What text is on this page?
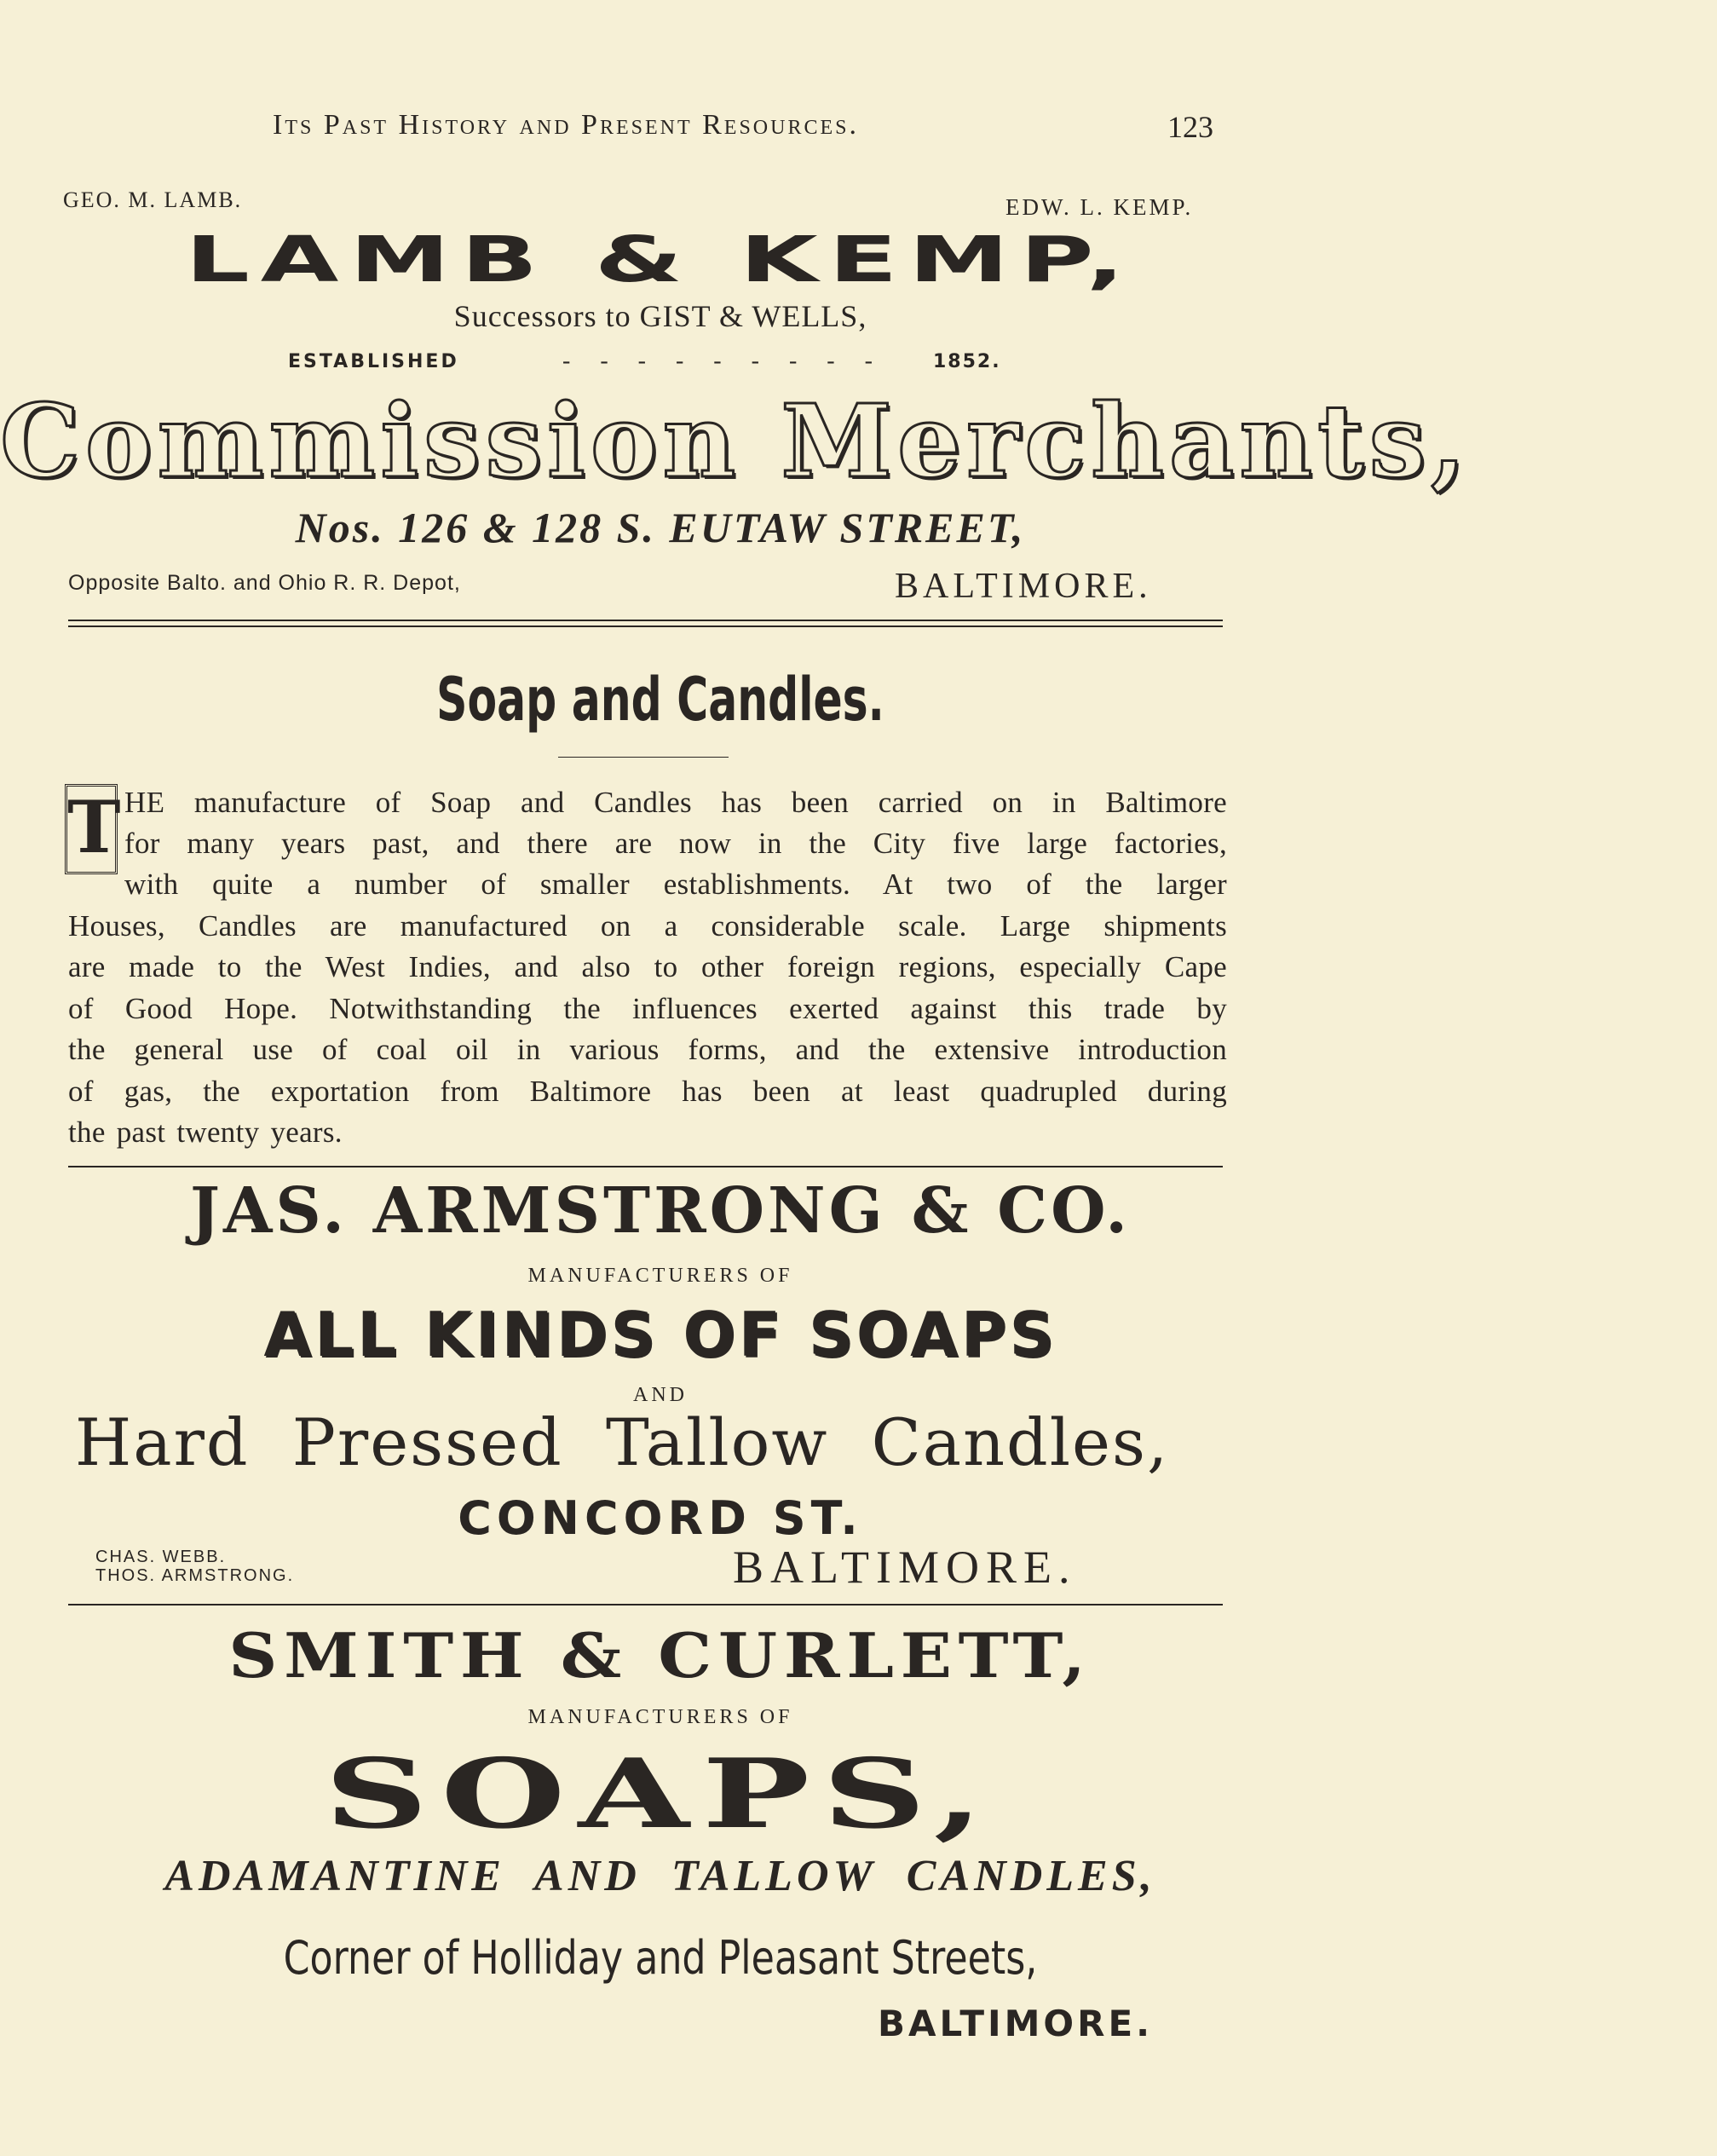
Its Past History and Present Resources.	123
GEO. M. LAMB.	EDW. L. KEMP.
LAMB & KEMP,
Successors to GIST & WELLS,
ESTABLISHED	- - - - - - - - -	1852.
Commission Merchants,
Nos. 126 & 128 S. EUTAW STREET,
Opposite Balto. and Ohio R. R. Depot,	BALTIMORE.
Soap and Candles.
T HE manufacture of Soap and Candles has been carried on in Baltimore
for many years past, and there are now in the City five large factories,
with quite a number of smaller establishments. At two of the larger
Houses, Candles are manufactured on a considerable scale. Large shipments
are made to the West Indies, and also to other foreign regions, especially Cape
of Good Hope. Notwithstanding the influences exerted against this trade by
the general use of coal oil in various forms, and the extensive introduction
of gas, the exportation from Baltimore has been at least quadrupled during
the past twenty years.
JAS. ARMSTRONG & CO.
MANUFACTURERS OF
ALL KINDS OF SOAPS
AND
Hard Pressed Tallow Candles,
CONCORD ST.
CHAS. WEBB.
THOS. ARMSTRONG.	BALTIMORE.
SMITH & CURLETT,
MANUFACTURERS OF
SOAPS,
ADAMANTINE AND TALLOW CANDLES,
Corner of Holliday and Pleasant Streets,
BALTIMORE.
